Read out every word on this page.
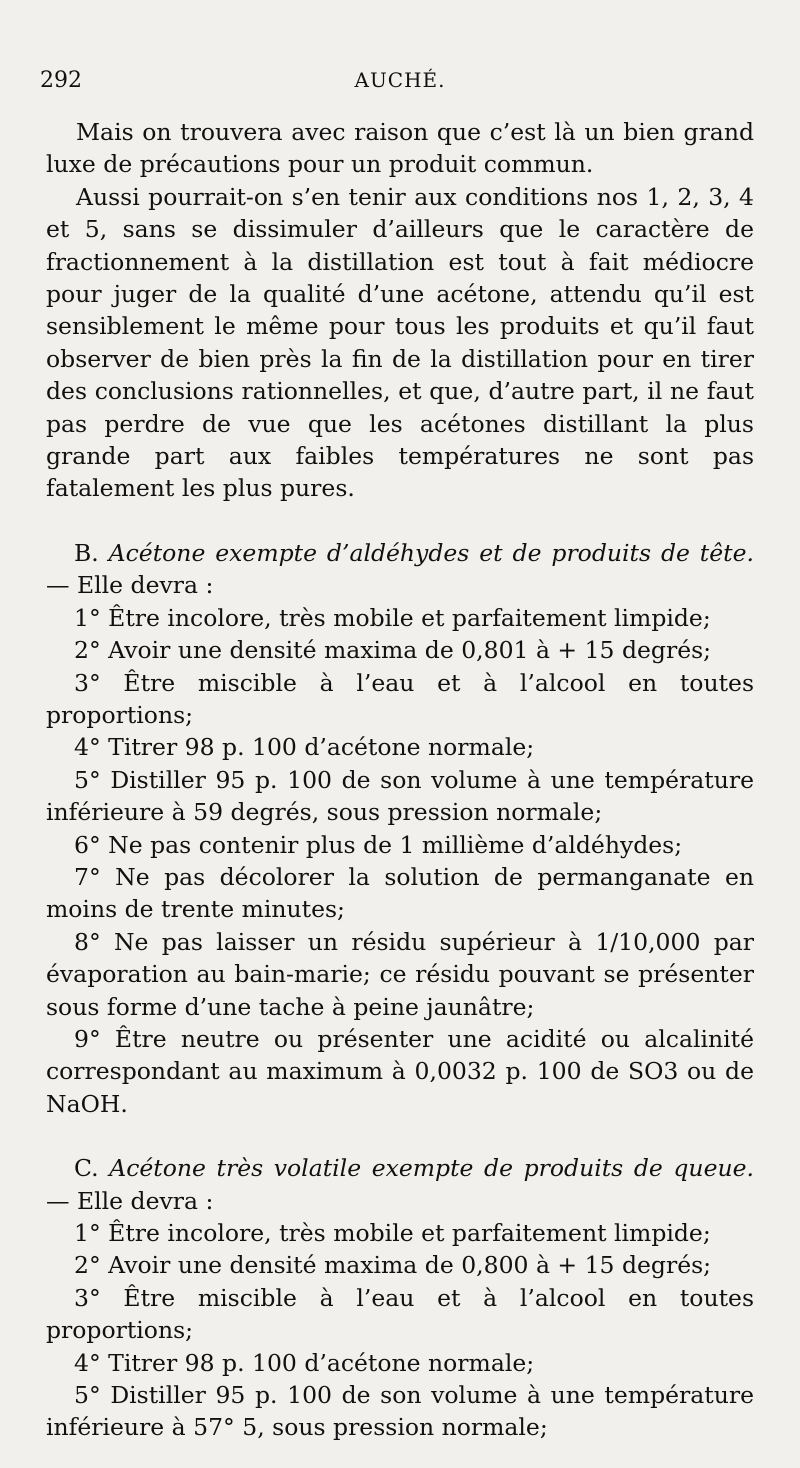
292	AUCHÉ.

Mais on trouvera avec raison que c’est là un bien grand luxe de précautions pour un produit commun.

Aussi pourrait-on s’en tenir aux conditions nos 1, 2, 3, 4 et 5, sans se dissimuler d’ailleurs que le caractère de fractionnement à la distillation est tout à fait médiocre pour juger de la qualité d’une acétone, attendu qu’il est sensiblement le même pour tous les produits et qu’il faut observer de bien près la fin de la distillation pour en tirer des conclusions rationnelles, et que, d’autre part, il ne faut pas perdre de vue que les acétones distillant la plus grande part aux faibles températures ne sont pas fatalement les plus pures.

B. Acétone exempte d’aldéhydes et de produits de tête. — Elle devra :

1° Être incolore, très mobile et parfaitement limpide;

2° Avoir une densité maxima de 0,801 à + 15 degrés;

3° Être miscible à l’eau et à l’alcool en toutes proportions;

4° Titrer 98 p. 100 d’acétone normale;

5° Distiller 95 p. 100 de son volume à une température inférieure à 59 degrés, sous pression normale;

6° Ne pas contenir plus de 1 millième d’aldéhydes;

7° Ne pas décolorer la solution de permanganate en moins de trente minutes;

8° Ne pas laisser un résidu supérieur à 1/10,000 par évaporation au bain-marie; ce résidu pouvant se présenter sous forme d’une tache à peine jaunâtre;

9° Être neutre ou présenter une acidité ou alcalinité correspondant au maximum à 0,0032 p. 100 de SO3 ou de NaOH.

C. Acétone très volatile exempte de produits de queue. — Elle devra :

1° Être incolore, très mobile et parfaitement limpide;

2° Avoir une densité maxima de 0,800 à + 15 degrés;

3° Être miscible à l’eau et à l’alcool en toutes proportions;

4° Titrer 98 p. 100 d’acétone normale;

5° Distiller 95 p. 100 de son volume à une température inférieure à 57° 5, sous pression normale;
